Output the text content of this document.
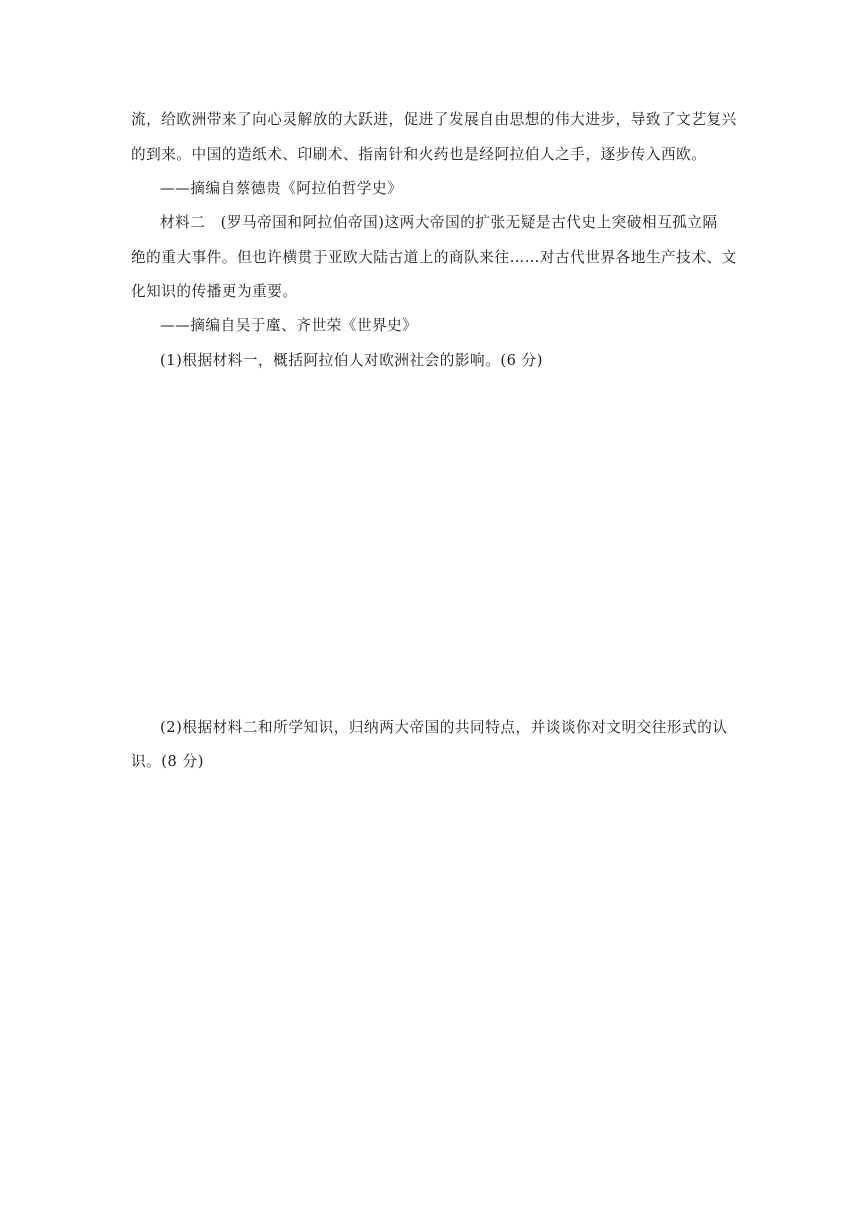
流，给欧洲带来了向心灵解放的大跃进，促进了发展自由思想的伟大进步，导致了文艺复兴
的到来。中国的造纸术、印刷术、指南针和火药也是经阿拉伯人之手，逐步传入西欧。
——摘编自蔡德贵《阿拉伯哲学史》
材料二　(罗马帝国和阿拉伯帝国)这两大帝国的扩张无疑是古代史上突破相互孤立隔
绝的重大事件。但也许横贯于亚欧大陆古道上的商队来往……对古代世界各地生产技术、文
化知识的传播更为重要。
——摘编自吴于廑、齐世荣《世界史》
(1)根据材料一，概括阿拉伯人对欧洲社会的影响。(6 分)
(2)根据材料二和所学知识，归纳两大帝国的共同特点，并谈谈你对文明交往形式的认
识。(8 分)
